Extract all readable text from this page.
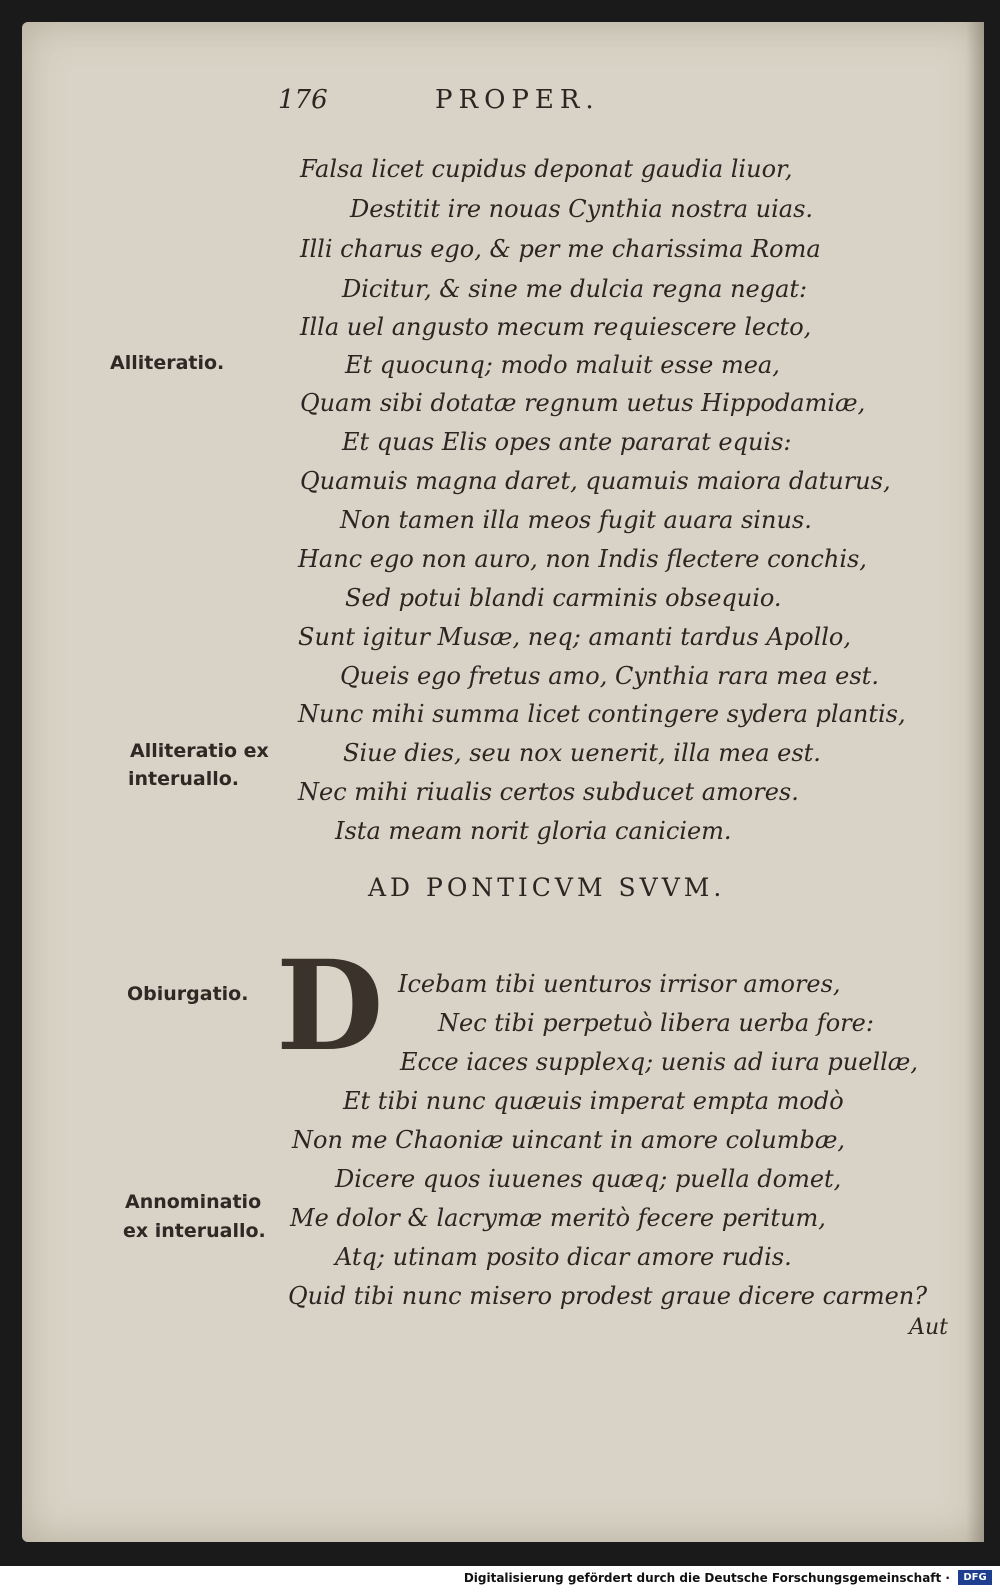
176	PROPER.
Falsa licet cupidus deponat gaudia liuor,
Destitit ire nouas Cynthia nostra uias.
Illi charus ego, & per me charissima Roma
Dicitur, & sine me dulcia regna negat:
Illa uel angusto mecum requiescere lecto,
Et quocunq; modo maluit esse mea,
Quam sibi dotatæ regnum uetus Hippodamiæ,
Et quas Elis opes ante pararat equis:
Quamuis magna daret, quamuis maiora daturus,
Non tamen illa meos fugit auara sinus.
Hanc ego non auro, non Indis flectere conchis,
Sed potui blandi carminis obsequio.
Sunt igitur Musæ, neq; amanti tardus Apollo,
Queis ego fretus amo, Cynthia rara mea est.
Nunc mihi summa licet contingere sydera plantis,
Siue dies, seu nox uenerit, illa mea est.
Nec mihi riualis certos subducet amores.
Ista meam norit gloria caniciem.
Alliteratio.
Alliteratio ex
interuallo.
Obiurgatio.
Annominatio
ex interuallo.
AD PONTICVM SVVM.
D Icebam tibi uenturos irrisor amores,
Nec tibi perpetuò libera uerba fore:
Ecce iaces supplexq; uenis ad iura puellæ,
Et tibi nunc quæuis imperat empta modò
Non me Chaoniæ uincant in amore columbæ,
Dicere quos iuuenes quæq; puella domet,
Me dolor & lacrymæ meritò fecere peritum,
Atq; utinam posito dicar amore rudis.
Quid tibi nunc misero prodest graue dicere carmen?
Aut
Digitalisierung gefördert durch die Deutsche Forschungsgemeinschaft ·	DFG
